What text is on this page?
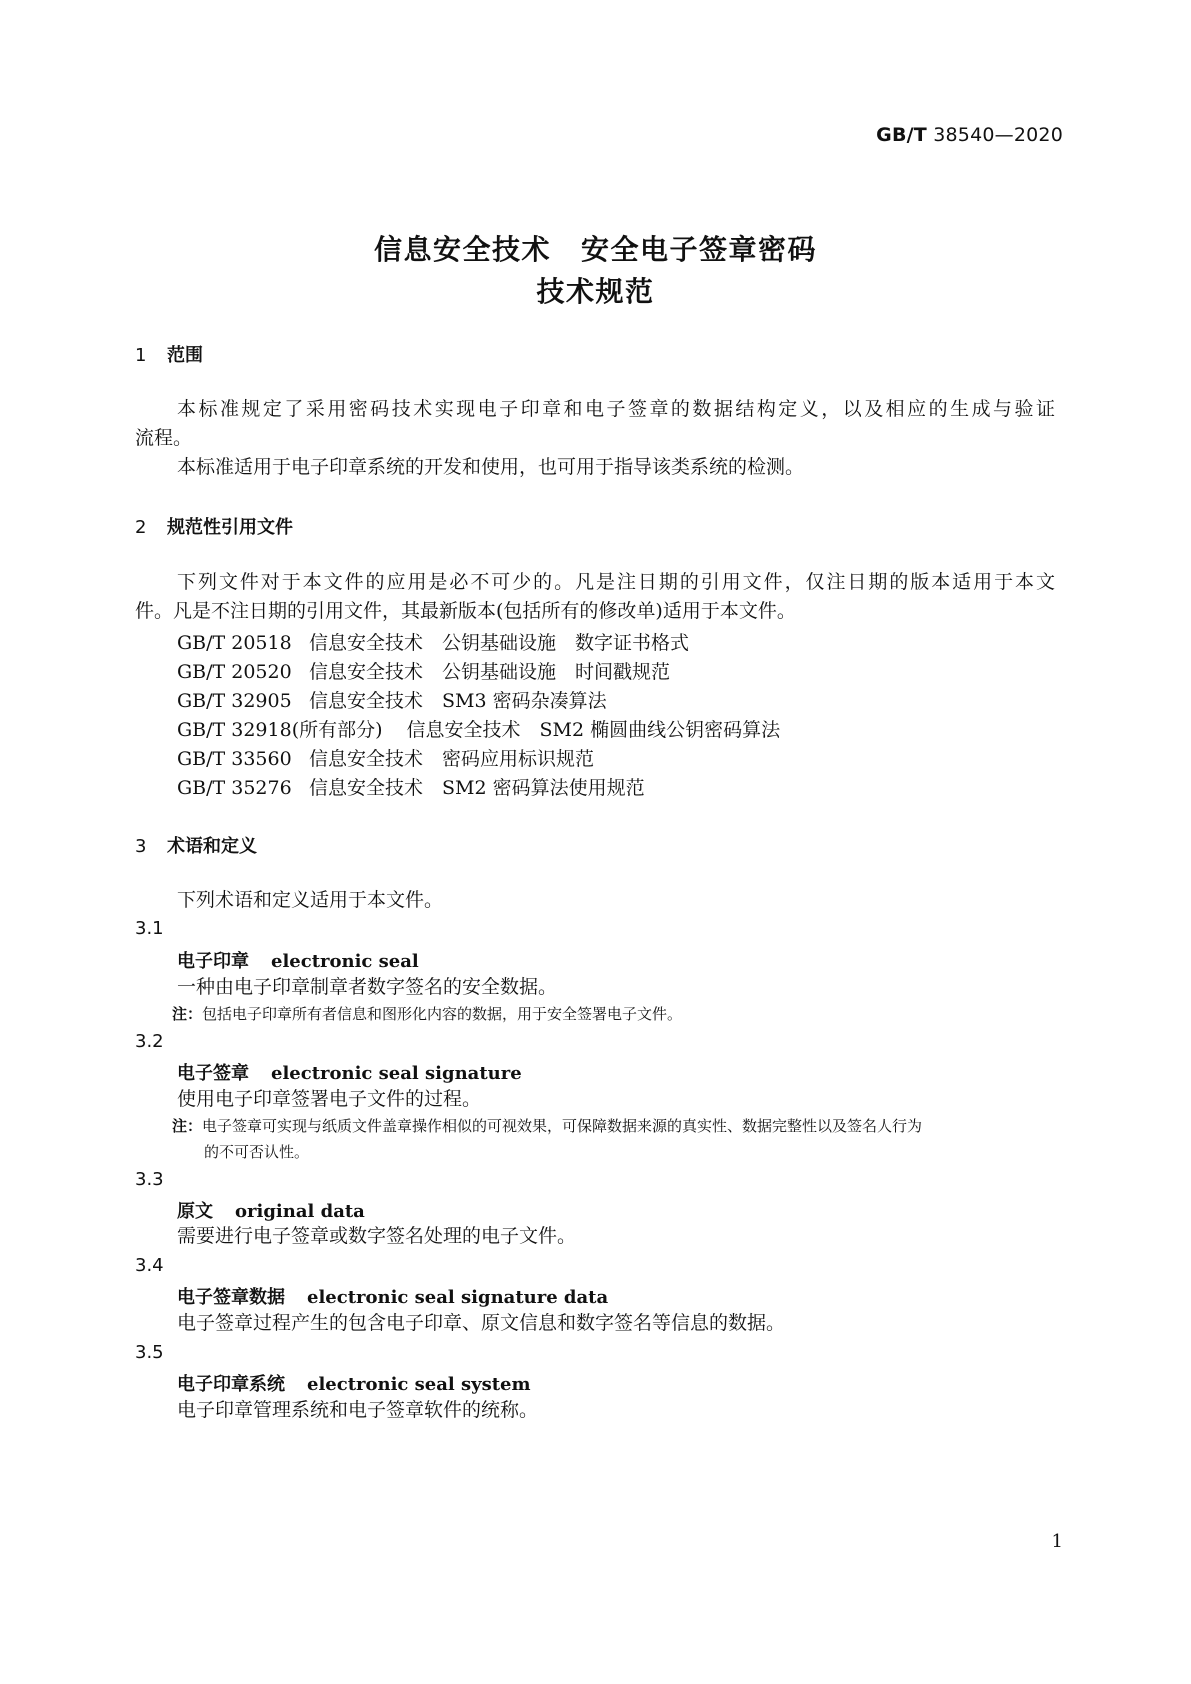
GB/T 38540—2020
信息安全技术 安全电子签章密码
技术规范
1 范围
本标准规定了采用密码技术实现电子印章和电子签章的数据结构定义，以及相应的生成与验证
流程。
本标准适用于电子印章系统的开发和使用，也可用于指导该类系统的检测。
2 规范性引用文件
下列文件对于本文件的应用是必不可少的。凡是注日期的引用文件，仅注日期的版本适用于本文
件。凡是不注日期的引用文件，其最新版本(包括所有的修改单)适用于本文件。
GB/T 20518 信息安全技术　公钥基础设施　数字证书格式
GB/T 20520 信息安全技术　公钥基础设施　时间戳规范
GB/T 32905 信息安全技术　SM3 密码杂凑算法
GB/T 32918(所有部分) 信息安全技术　SM2 椭圆曲线公钥密码算法
GB/T 33560 信息安全技术　密码应用标识规范
GB/T 35276 信息安全技术　SM2 密码算法使用规范
3 术语和定义
下列术语和定义适用于本文件。
3.1
电子印章 electronic seal
一种由电子印章制章者数字签名的安全数据。
注：包括电子印章所有者信息和图形化内容的数据，用于安全签署电子文件。
3.2
电子签章 electronic seal signature
使用电子印章签署电子文件的过程。
注：电子签章可实现与纸质文件盖章操作相似的可视效果，可保障数据来源的真实性、数据完整性以及签名人行为
的不可否认性。
3.3
原文 original data
需要进行电子签章或数字签名处理的电子文件。
3.4
电子签章数据 electronic seal signature data
电子签章过程产生的包含电子印章、原文信息和数字签名等信息的数据。
3.5
电子印章系统 electronic seal system
电子印章管理系统和电子签章软件的统称。
1
